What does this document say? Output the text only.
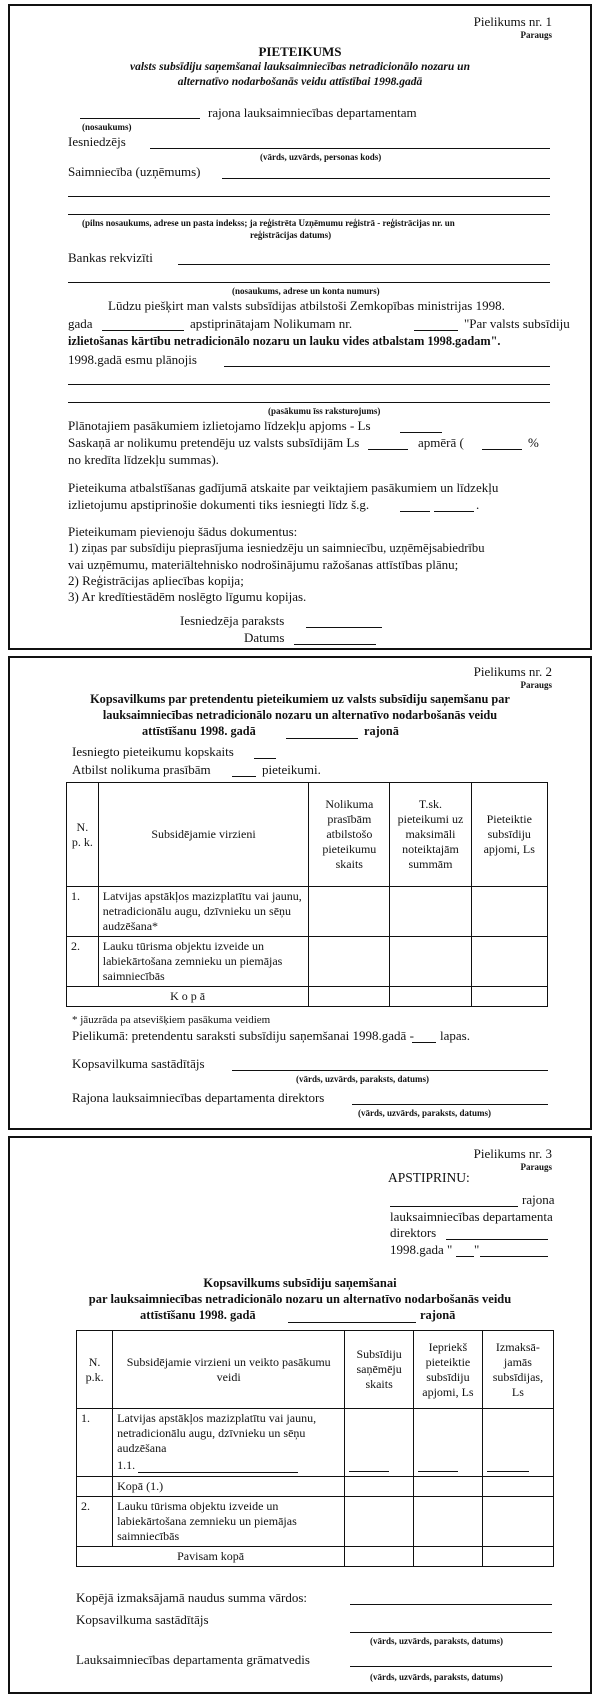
Pielikums nr. 1
Paraugs
PIETEIKUMS
valsts subsīdiju saņemšanai lauksaimniecības netradicionālo nozaru un
alternatīvo nodarbošanās veidu attīstībai 1998.gadā
rajona lauksaimniecības departamentam
(nosaukums)
Iesniedzējs
(vārds, uzvārds, personas kods)
Saimniecība (uzņēmums)
(pilns nosaukums, adrese un pasta indekss; ja reģistrēta Uzņēmumu reģistrā - reģistrācijas nr. un
reģistrācijas datums)
Bankas rekvizīti
(nosaukums, adrese un konta numurs)
Lūdzu piešķirt man valsts subsīdijas atbilstoši Zemkopības ministrijas 1998.
gada	apstiprinātajam Nolikumam nr.	"Par valsts subsīdiju
izlietošanas kārtību netradicionālo nozaru un lauku vides atbalstam 1998.gadam".
1998.gadā esmu plānojis
(pasākumu īss raksturojums)
Plānotajiem pasākumiem izlietojamo līdzekļu apjoms - Ls
Saskaņā ar nolikumu pretendēju uz valsts subsīdijām Ls	apmērā (	%
no kredīta līdzekļu summas).
Pieteikuma atbalstīšanas gadījumā atskaite par veiktajiem pasākumiem un līdzekļu
izlietojumu apstiprinošie dokumenti tiks iesniegti līdz š.g.	.
Pieteikumam pievienoju šādus dokumentus:
1) ziņas par subsīdiju pieprasījuma iesniedzēju un saimniecību, uzņēmējsabiedrību
vai uzņēmumu, materiāltehnisko nodrošinājumu ražošanas attīstības plānu;
2) Reģistrācijas apliecības kopija;
3) Ar kredītiestādēm noslēgto līgumu kopijas.
Iesniedzēja paraksts
Datums
Pielikums nr. 2
Paraugs
Kopsavilkums par pretendentu pieteikumiem uz valsts subsīdiju saņemšanu par
lauksaimniecības netradicionālo nozaru un alternatīvo nodarbošanās veidu
attīstīšanu 1998. gadā	rajonā
Iesniegto pieteikumu kopskaits
Atbilst nolikuma prasībām	pieteikumi.
N. p. k.	Subsidējamie virzieni	Nolikuma prasībām atbilstošo pieteikumu skaits	T.sk. pieteikumi uz maksimāli noteiktajām summām	Pieteiktie subsīdiju apjomi, Ls
1.	Latvijas apstākļos mazizplatītu vai jaunu, netradicionālu augu, dzīvnieku un sēņu audzēšana*			
2.	Lauku tūrisma objektu izveide un labiekārtošana zemnieku un piemājas saimniecībās			
K o p ā				
* jāuzrāda pa atsevišķiem pasākuma veidiem
Pielikumā: pretendentu saraksti subsīdiju saņemšanai 1998.gadā - lapas.
Kopsavilkuma sastādītājs
(vārds, uzvārds, paraksts, datums)
Rajona lauksaimniecības departamenta direktors
(vārds, uzvārds, paraksts, datums)
Pielikums nr. 3
Paraugs
APSTIPRINU:
rajona
lauksaimniecības departamenta
direktors
1998.gada " "
Kopsavilkums subsīdiju saņemšanai
par lauksaimniecības netradicionālo nozaru un alternatīvo nodarbošanās veidu
attīstīšanu 1998. gadā	rajonā
N. p.k.	Subsidējamie virzieni un veikto pasākumu veidi	Subsīdiju saņēmēju skaits	Iepriekš pieteiktie subsīdiju apjomi, Ls	Izmaksā-jamās subsīdijas, Ls
1.	Latvijas apstākļos mazizplatītu vai jaunu, netradicionālu augu, dzīvnieku un sēņu audzēšana
1.1.			

	Kopā (1.)			
2.	Lauku tūrisma objektu izveide un labiekārtošana zemnieku un piemājas saimniecībās			
Pavisam kopā				
Kopējā izmaksājamā naudus summa vārdos:
Kopsavilkuma sastādītājs
(vārds, uzvārds, paraksts, datums)
Lauksaimniecības departamenta grāmatvedis
(vārds, uzvārds, paraksts, datums)
